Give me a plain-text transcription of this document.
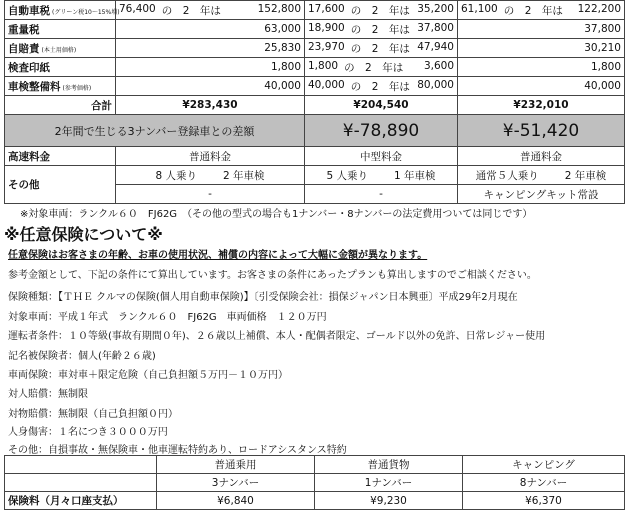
自動車税 (グリーン税10〜15%増)	76,400 の　2　年は 152,800	17,600 の　2　年は 35,200	61,100 の　2　年は 122,200

重量税	63,000	18,900 の　2　年は 37,800	37,800

自賠責 (本土用価格)	25,830	23,970 の　2　年は 47,940	30,210

検査印紙	1,800	1,800 の　2　年は 3,600	1,800

車検整備料 (参考価格)	40,000	40,000 の　2　年は 80,000	40,000

合計	¥283,430	¥204,540	¥232,010
2年間で生じる3ナンバー登録車との差額		¥-78,890	¥-51,420
高速料金	普通料金	中型料金	普通料金
その他	8 人乗り 2 年車検	5 人乗り 1 年車検	通常５人乗り 2 年車検
	-	-	キャンピングキット常設
※対象車両：ランクル６０　FJ62G　（その他の型式の場合も1ナンバー・8ナンバーの法定費用ついては同じです）
※任意保険について※
任意保険はお客さまの年齢、お車の使用状況、補償の内容によって大幅に金額が異なります。
参考金額として、下記の条件にて算出しています。お客さまの条件にあったプランも算出しますのでご相談ください。
保険種類：【ＴＨＥ クルマの保険(個人用自動車保険)】〔引受保険会社：損保ジャパン日本興亜〕平成29年2月現在
対象車両：平成１年式　ランクル６０　FJ62G　車両価格　１２０万円
運転者条件：１０等級(事故有期間０年)、２６歳以上補償、本人・配偶者限定、ゴールド以外の免許、日常レジャー使用
記名被保険者：個人(年齢２６歳)
車両保険：車対車＋限定危険（自己負担額５万円－１０万円）
対人賠償：無制限
対物賠償：無制限（自己負担額０円）
人身傷害：１名につき３０００万円
その他：自損事故・無保険車・他車運転特約あり、ロードアシスタンス特約
	普通乗用	普通貨物	キャンピング
	3ナンバー	1ナンバー	8ナンバー
保険料（月々口座支払）	¥6,840	¥9,230	¥6,370
